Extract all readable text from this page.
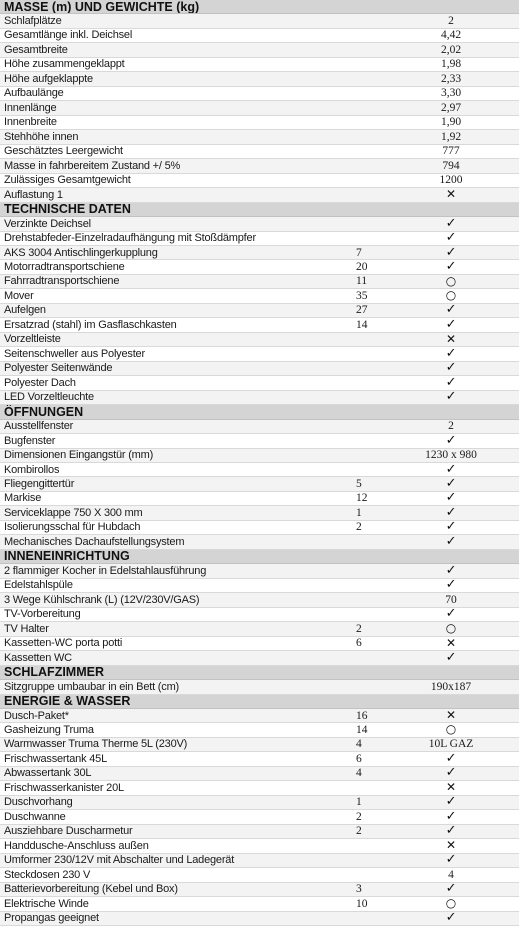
MASSE (m) UND GEWICHTE (kg)		
Schlafplätze		2
Gesamtlänge inkl. Deichsel		4,42
Gesamtbreite		2,02
Höhe zusammengeklappt		1,98
Höhe aufgeklappte		2,33
Aufbaulänge		3,30
Innenlänge		2,97
Innenbreite		1,90
Stehhöhe innen		1,92
Geschätztes Leergewicht		777
Masse in fahrbereitem Zustand +/ 5%		794
Zulässiges Gesamtgewicht		1200
Auflastung 1		✕
TECHNISCHE DATEN		
Verzinkte Deichsel		✓
Drehstabfeder-Einzelradaufhängung mit Stoßdämpfer		✓
AKS 3004 Antischlingerkupplung	7	✓
Motorradtransportschiene	20	✓
Fahrradtransportschiene	11	○
Mover	35	○
Aufelgen	27	✓
Ersatzrad (stahl) im Gasflaschkasten	14	✓
Vorzeltleiste		✕
Seitenschweller aus Polyester		✓
Polyester Seitenwände		✓
Polyester Dach		✓
LED Vorzeltleuchte		✓
ÖFFNUNGEN		
Ausstellfenster		2
Bugfenster		✓
Dimensionen Eingangstür (mm)		1230 x 980
Kombirollos		✓
Fliegengittertür	5	✓
Markise	12	✓
Serviceklappe 750 X 300 mm	1	✓
Isolierungsschal für Hubdach	2	✓
Mechanisches Dachaufstellungsystem		✓
INNENEINRICHTUNG		
2 flammiger Kocher in Edelstahlausführung		✓
Edelstahlspüle		✓
3 Wege Kühlschrank (L) (12V/230V/GAS)		70
TV-Vorbereitung		✓
TV Halter	2	○
Kassetten-WC porta potti	6	✕
Kassetten WC		✓
SCHLAFZIMMER		
Sitzgruppe umbaubar in ein Bett (cm)		190x187
ENERGIE & WASSER		
Dusch-Paket*	16	✕
Gasheizung Truma	14	○
Warmwasser Truma Therme 5L (230V)	4	10L GAZ
Frischwassertank 45L	6	✓
Abwassertank 30L	4	✓
Frischwasserkanister 20L		✕
Duschvorhang	1	✓
Duschwanne	2	✓
Ausziehbare Duscharmetur	2	✓
Handdusche-Anschluss außen		✕
Umformer 230/12V mit Abschalter und Ladegerät		✓
Steckdosen 230 V		4
Batterievorbereitung (Kebel und Box)	3	✓
Elektrische Winde	10	○
Propangas geeignet		✓
